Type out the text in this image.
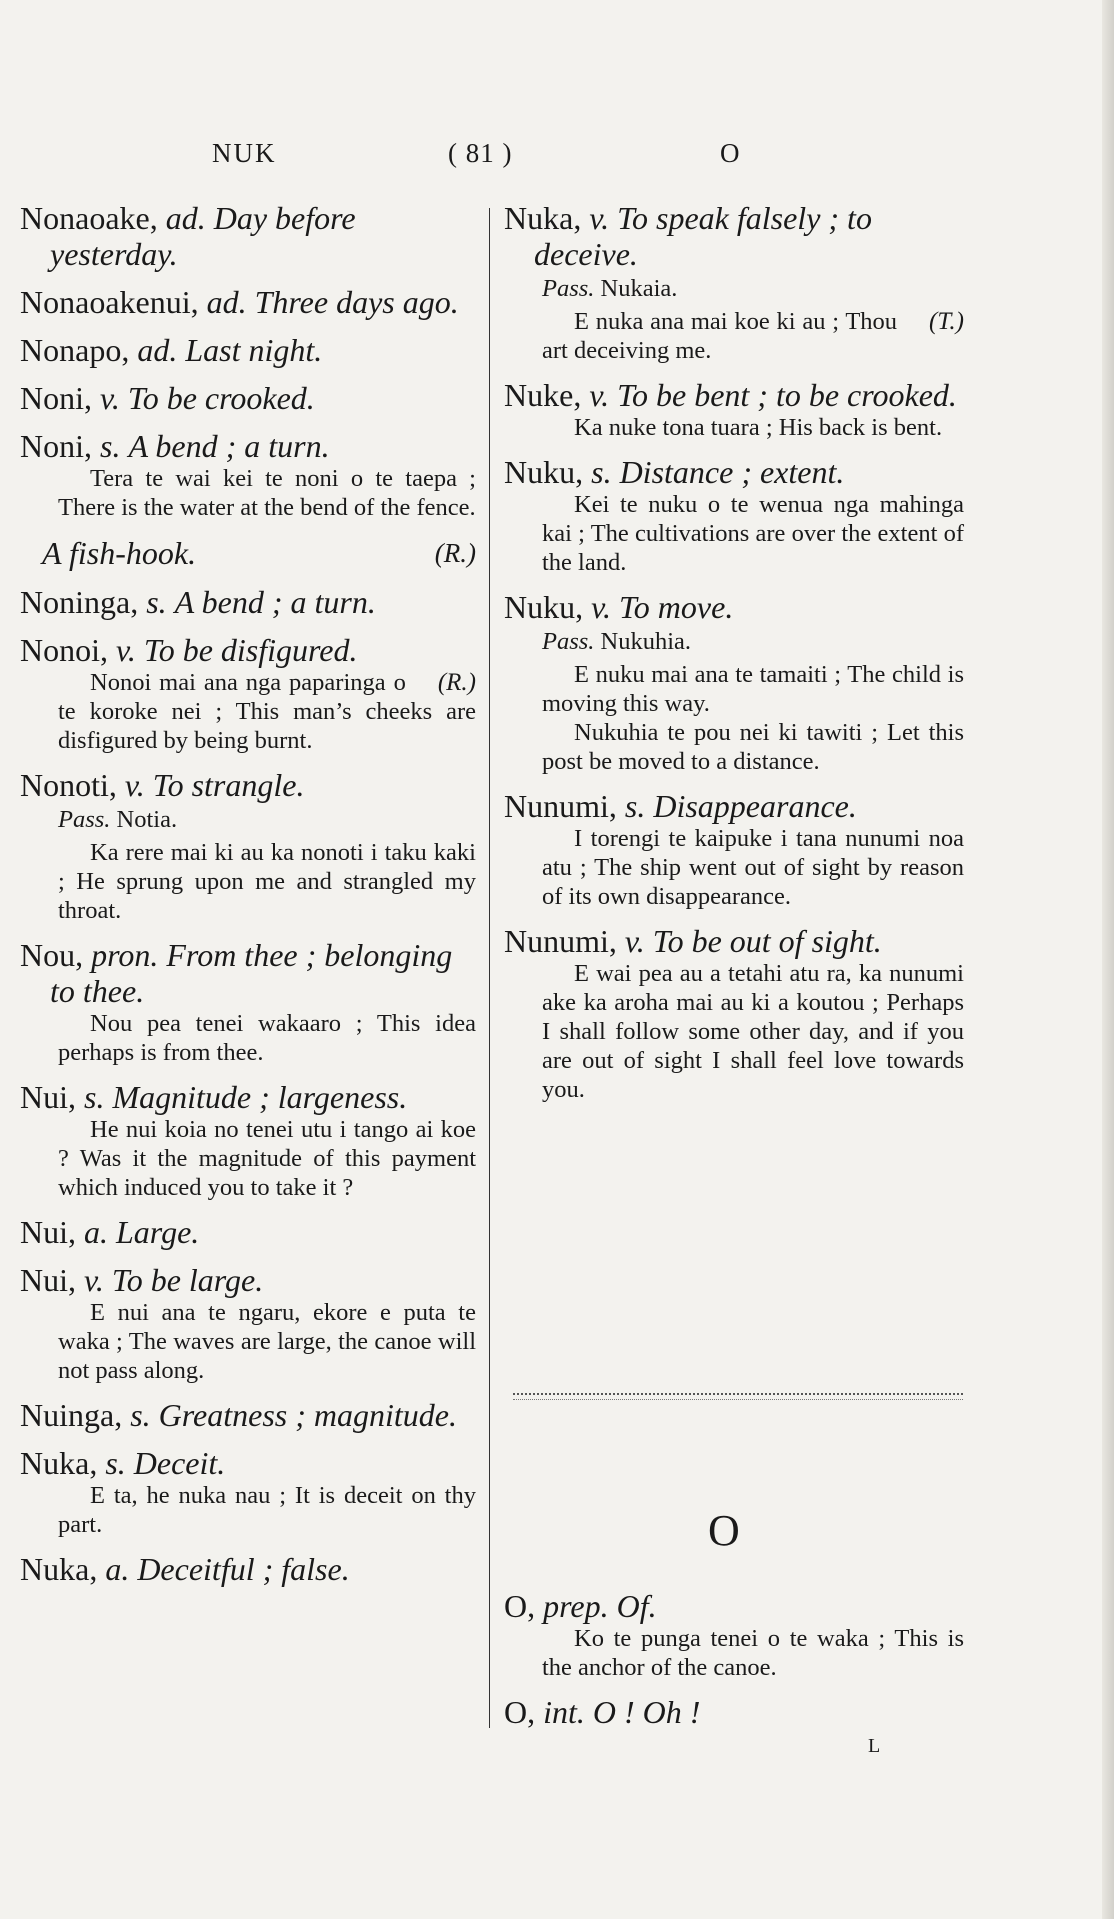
NUK	( 81 )	O
Nonaoake, ad. Day before yesterday.
Nonaoakenui, ad. Three days ago.
Nonapo, ad. Last night.
Noni, v. To be crooked.
Noni, s. A bend ; a turn.
Tera te wai kei te noni o te taepa ; There is the water at the bend of the fence.
A fish-hook.	(R.)
Noninga, s. A bend ; a turn.
Nonoi, v. To be disfigured.
(R.)
Nonoi mai ana nga paparinga o te koroke nei ; This man’s cheeks are disfigured by being burnt.
Nonoti, v. To strangle.
Pass. Notia.
Ka rere mai ki au ka nonoti i taku kaki ; He sprung upon me and strangled my throat.
Nou, pron. From thee ; belonging to thee.
Nou pea tenei wakaaro ; This idea perhaps is from thee.
Nui, s. Magnitude ; largeness.
He nui koia no tenei utu i tango ai koe ? Was it the magnitude of this payment which induced you to take it ?
Nui, a. Large.
Nui, v. To be large.
E nui ana te ngaru, ekore e puta te waka ; The waves are large, the canoe will not pass along.
Nuinga, s. Greatness ; magnitude.
Nuka, s. Deceit.
E ta, he nuka nau ; It is deceit on thy part.
Nuka, a. Deceitful ; false.
Nuka, v. To speak falsely ; to deceive.
Pass. Nukaia.
(T.)
E nuka ana mai koe ki au ; Thou art deceiving me.
Nuke, v. To be bent ; to be crooked.
Ka nuke tona tuara ; His back is bent.
Nuku, s. Distance ; extent.
Kei te nuku o te wenua nga mahinga kai ; The cultivations are over the extent of the land.
Nuku, v. To move.
Pass. Nukuhia.
E nuku mai ana te tamaiti ; The child is moving this way.
Nukuhia te pou nei ki tawiti ; Let this post be moved to a distance.
Nunumi, s. Disappearance.
I torengi te kaipuke i tana nunumi noa atu ; The ship went out of sight by reason of its own disappearance.
Nunumi, v. To be out of sight.
E wai pea au a tetahi atu ra, ka nunumi ake ka aroha mai au ki a koutou ; Perhaps I shall follow some other day, and if you are out of sight I shall feel love towards you.
O
O, prep. Of.
Ko te punga tenei o te waka ; This is the anchor of the canoe.
O, int. O ! Oh !
L
